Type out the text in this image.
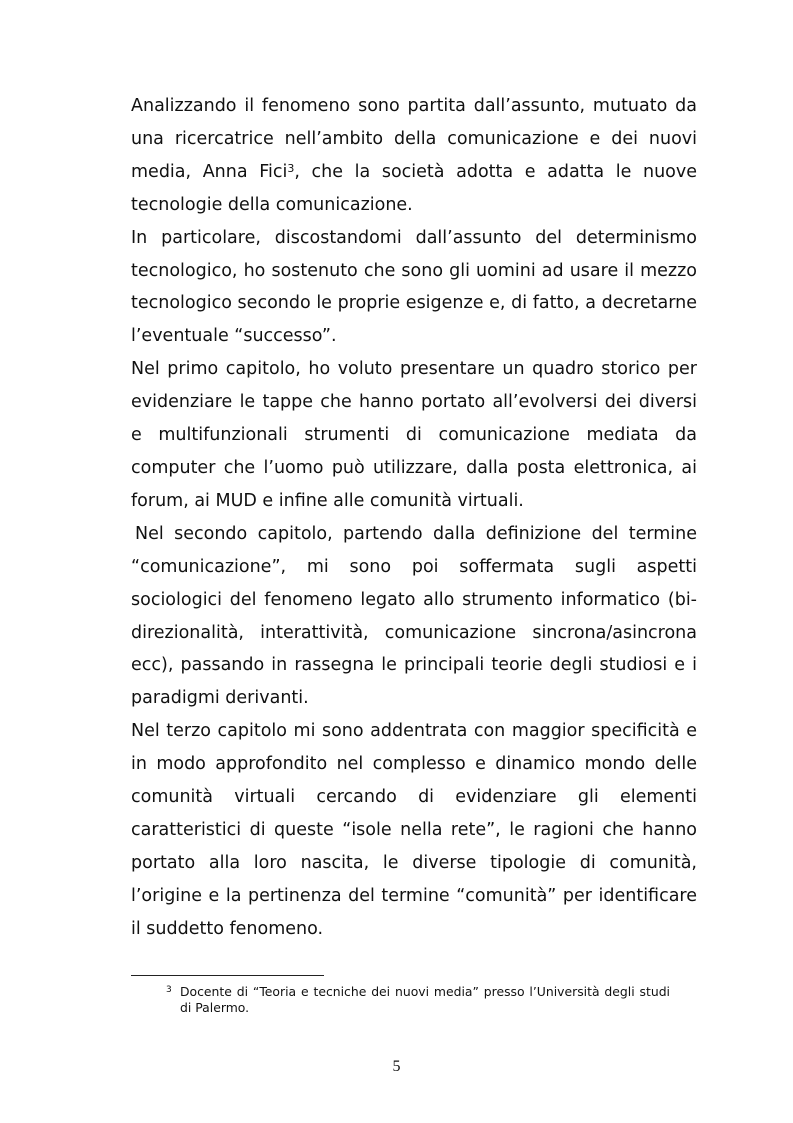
Analizzando il fenomeno sono partita dall’assunto, mutuato da una ricercatrice nell’ambito della comunicazione e dei nuovi media, Anna Fici$^3$, che la società adotta e adatta le nuove tecnologie della comunicazione.

In particolare, discostandomi dall’assunto del determinismo tecnologico, ho sostenuto che sono gli uomini ad usare il mezzo tecnologico secondo le proprie esigenze e, di fatto, a decretarne l’eventuale “successo”.

Nel primo capitolo, ho voluto presentare un quadro storico per evidenziare le tappe che hanno portato all’evolversi dei diversi e multifunzionali strumenti di comunicazione mediata da computer che l’uomo può utilizzare, dalla posta elettronica, ai forum, ai MUD e infine alle comunità virtuali.

Nel secondo capitolo, partendo dalla definizione del termine “comunicazione”, mi sono poi soffermata sugli aspetti sociologici del fenomeno legato allo strumento informatico (bi-direzionalità, interattività, comunicazione sincrona/asincrona ecc), passando in rassegna le principali teorie degli studiosi e i paradigmi derivanti.

Nel terzo capitolo mi sono addentrata con maggior specificità e in modo approfondito nel complesso e dinamico mondo delle comunità virtuali cercando di evidenziare gli elementi caratteristici di queste “isole nella rete”, le ragioni che hanno portato alla loro nascita, le diverse tipologie di comunità, l’origine e la pertinenza del termine “comunità” per identificare il suddetto fenomeno.

3 Docente di “Teoria e tecniche dei nuovi media” presso l’Università degli studi di Palermo.
5
